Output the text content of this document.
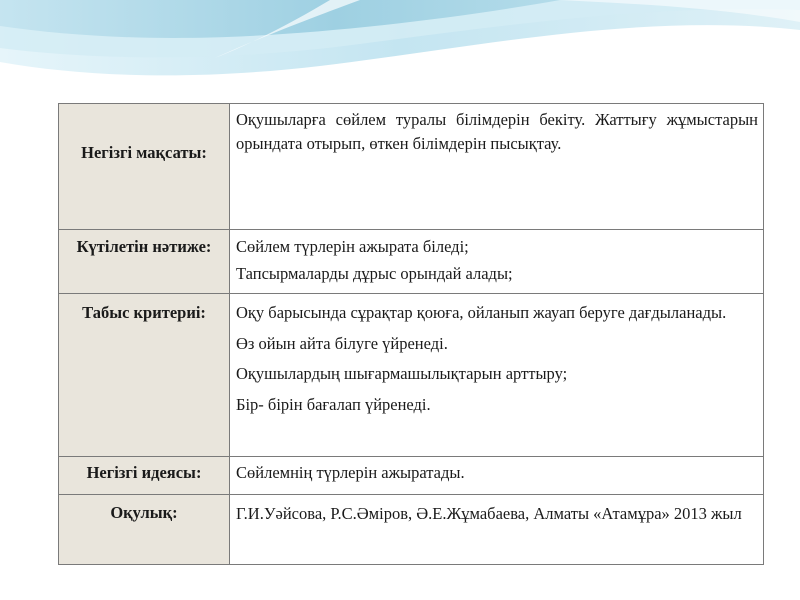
Негізгі мақсаты:	Оқушыларға сөйлем туралы білімдерін бекіту. Жаттығу жұмыстарын орындата отырып, өткен білімдерін пысықтау.

Күтілетін нәтиже:	Сөйлем түрлерін ажырата біледі;
Тапсырмаларды дұрыс орындай алады;

Табыс критериі:	Оқу барысында сұрақтар қоюға, ойланып жауап беруге дағдыланады.
Өз ойын айта білуге үйренеді.
Оқушылардың шығармашылықтарын арттыру;
Бір- бірін бағалап үйренеді.

Негізгі идеясы:	Сөйлемнің түрлерін ажыратады.

Оқулық:	Г.И.Уәйсова, Р.С.Әміров, Ә.Е.Жұмабаева, Алматы «Атамұра» 2013 жыл
